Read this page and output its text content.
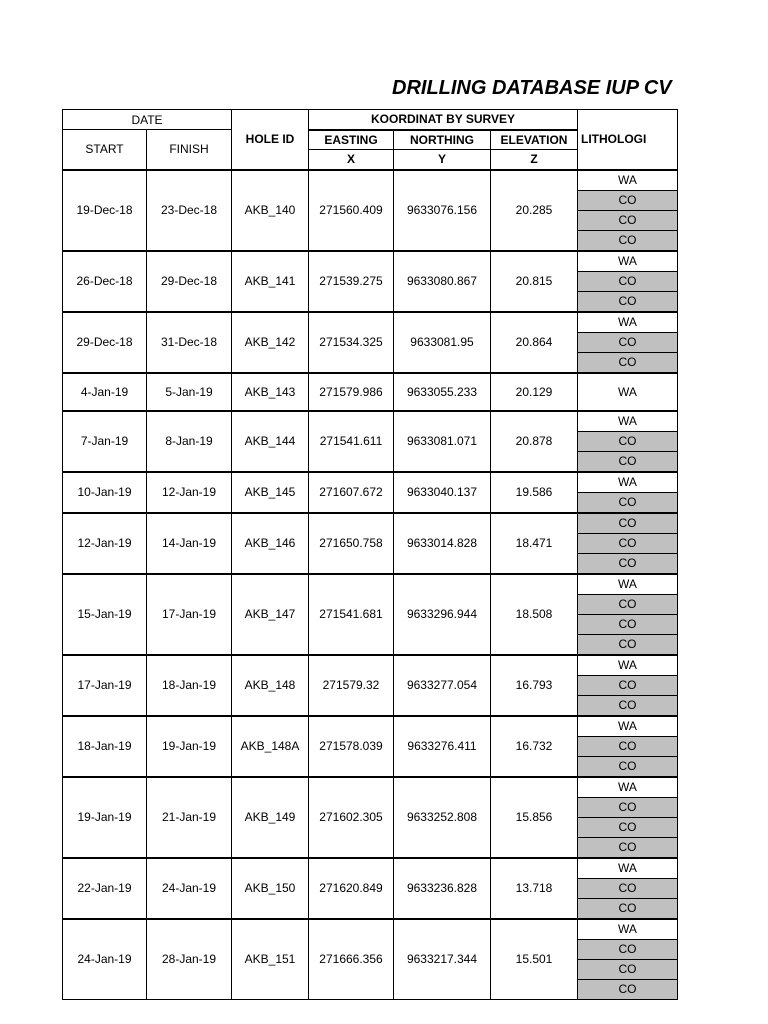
DRILLING DATABASE IUP CV
DATE		HOLE ID	KOORDINAT BY SURVEY			LITHOLOGI
START	FINISH		EASTING	NORTHING	ELEVATION	
			X	Y	Z	
19-Dec-18	23-Dec-18	AKB_140	271560.409	9633076.156	20.285	WA
						CO
						CO
						CO
26-Dec-18	29-Dec-18	AKB_141	271539.275	9633080.867	20.815	WA
						CO
						CO
29-Dec-18	31-Dec-18	AKB_142	271534.325	9633081.95	20.864	WA
						CO
						CO
4-Jan-19	5-Jan-19	AKB_143	271579.986	9633055.233	20.129	WA
7-Jan-19	8-Jan-19	AKB_144	271541.611	9633081.071	20.878	WA
						CO
						CO
10-Jan-19	12-Jan-19	AKB_145	271607.672	9633040.137	19.586	WA
						CO
12-Jan-19	14-Jan-19	AKB_146	271650.758	9633014.828	18.471	CO
						CO
						CO
15-Jan-19	17-Jan-19	AKB_147	271541.681	9633296.944	18.508	WA
						CO
						CO
						CO
17-Jan-19	18-Jan-19	AKB_148	271579.32	9633277.054	16.793	WA
						CO
						CO
18-Jan-19	19-Jan-19	AKB_148A	271578.039	9633276.411	16.732	WA
						CO
						CO
19-Jan-19	21-Jan-19	AKB_149	271602.305	9633252.808	15.856	WA
						CO
						CO
						CO
22-Jan-19	24-Jan-19	AKB_150	271620.849	9633236.828	13.718	WA
						CO
						CO
24-Jan-19	28-Jan-19	AKB_151	271666.356	9633217.344	15.501	WA
						CO
						CO
						CO
